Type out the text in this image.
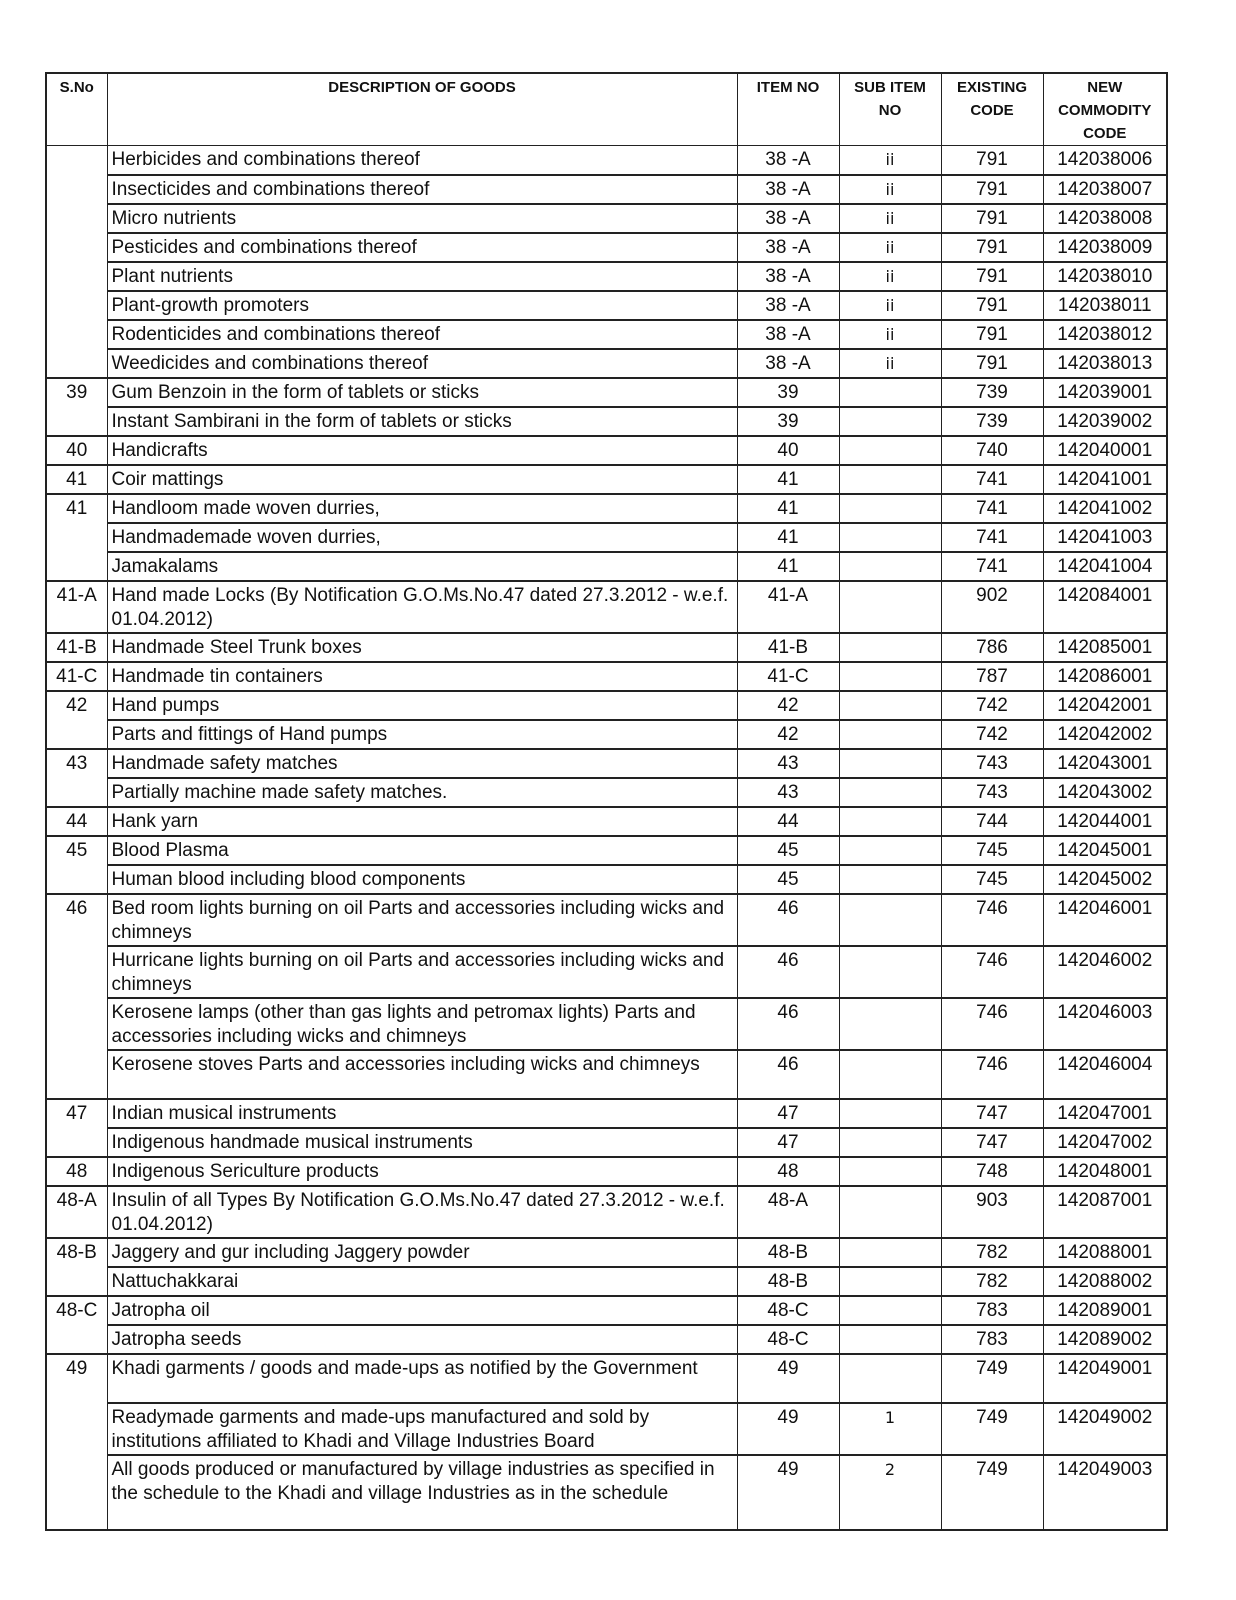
S.No	DESCRIPTION OF GOODS	ITEM NO	SUB ITEM NO	EXISTING CODE	NEW COMMODITY CODE
	Herbicides and combinations thereof	38 -A	ii	791	142038006
	Insecticides and combinations thereof	38 -A	ii	791	142038007
	Micro nutrients	38 -A	ii	791	142038008
	Pesticides and combinations thereof	38 -A	ii	791	142038009
	Plant nutrients	38 -A	ii	791	142038010
	Plant-growth promoters	38 -A	ii	791	142038011
	Rodenticides and combinations thereof	38 -A	ii	791	142038012
	Weedicides and combinations thereof	38 -A	ii	791	142038013
39	Gum Benzoin in the form of tablets or sticks	39		739	142039001
	Instant Sambirani in the form of tablets or sticks	39		739	142039002
40	Handicrafts	40		740	142040001
41	Coir mattings	41		741	142041001
41	Handloom made woven durries,	41		741	142041002
	Handmademade woven durries,	41		741	142041003
	Jamakalams	41		741	142041004
41-A	Hand made Locks (By Notification G.O.Ms.No.47 dated 27.3.2012 - w.e.f. 01.04.2012)	41-A		902	142084001
41-B	Handmade Steel Trunk boxes	41-B		786	142085001
41-C	Handmade tin containers	41-C		787	142086001
42	Hand pumps	42		742	142042001
	Parts and fittings of Hand pumps	42		742	142042002
43	Handmade safety matches	43		743	142043001
	Partially machine made safety matches.	43		743	142043002
44	Hank yarn	44		744	142044001
45	Blood Plasma	45		745	142045001
	Human blood including blood components	45		745	142045002
46	Bed room lights burning on oil Parts and accessories including wicks and chimneys	46		746	142046001
	Hurricane lights burning on oil Parts and accessories including wicks and chimneys	46		746	142046002
	Kerosene lamps (other than gas lights and petromax lights) Parts and accessories including wicks and chimneys	46		746	142046003
	Kerosene stoves Parts and accessories including wicks and chimneys	46		746	142046004
47	Indian musical instruments	47		747	142047001
	Indigenous handmade musical instruments	47		747	142047002
48	Indigenous Sericulture products	48		748	142048001
48-A	Insulin of all Types By Notification G.O.Ms.No.47 dated 27.3.2012 - w.e.f. 01.04.2012)	48-A		903	142087001
48-B	Jaggery and gur including Jaggery powder	48-B		782	142088001
	Nattuchakkarai	48-B		782	142088002
48-C	Jatropha oil	48-C		783	142089001
	Jatropha seeds	48-C		783	142089002
49	Khadi garments / goods and made-ups as notified by the Government	49		749	142049001
	Readymade garments and made-ups manufactured and sold by institutions affiliated to Khadi and Village Industries Board	49	1	749	142049002
	All goods produced or manufactured by village industries as specified in the schedule to the Khadi and village Industries as in the schedule	49	2	749	142049003
